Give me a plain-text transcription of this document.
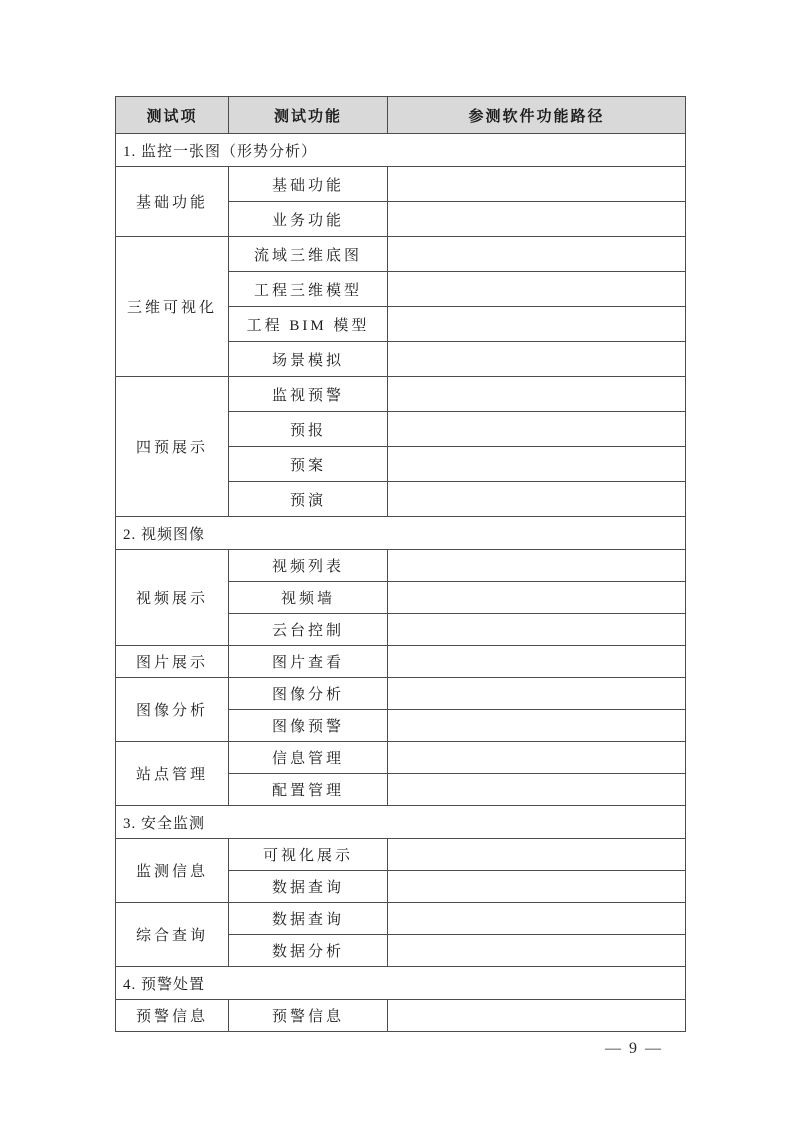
测试项	测试功能	参测软件功能路径
1. 监控一张图（形势分析）		
基础功能	基础功能	
	业务功能	
三维可视化	流域三维底图	
	工程三维模型	
	工程 BIM 模型	
	场景模拟	
四预展示	监视预警	
	预报	
	预案	
	预演	
2. 视频图像		
视频展示	视频列表	
	视频墙	
	云台控制	
图片展示	图片查看	
图像分析	图像分析	
	图像预警	
站点管理	信息管理	
	配置管理	
3. 安全监测		
监测信息	可视化展示	
	数据查询	
综合查询	数据查询	
	数据分析	
4. 预警处置		
预警信息	预警信息	
— 9 —
